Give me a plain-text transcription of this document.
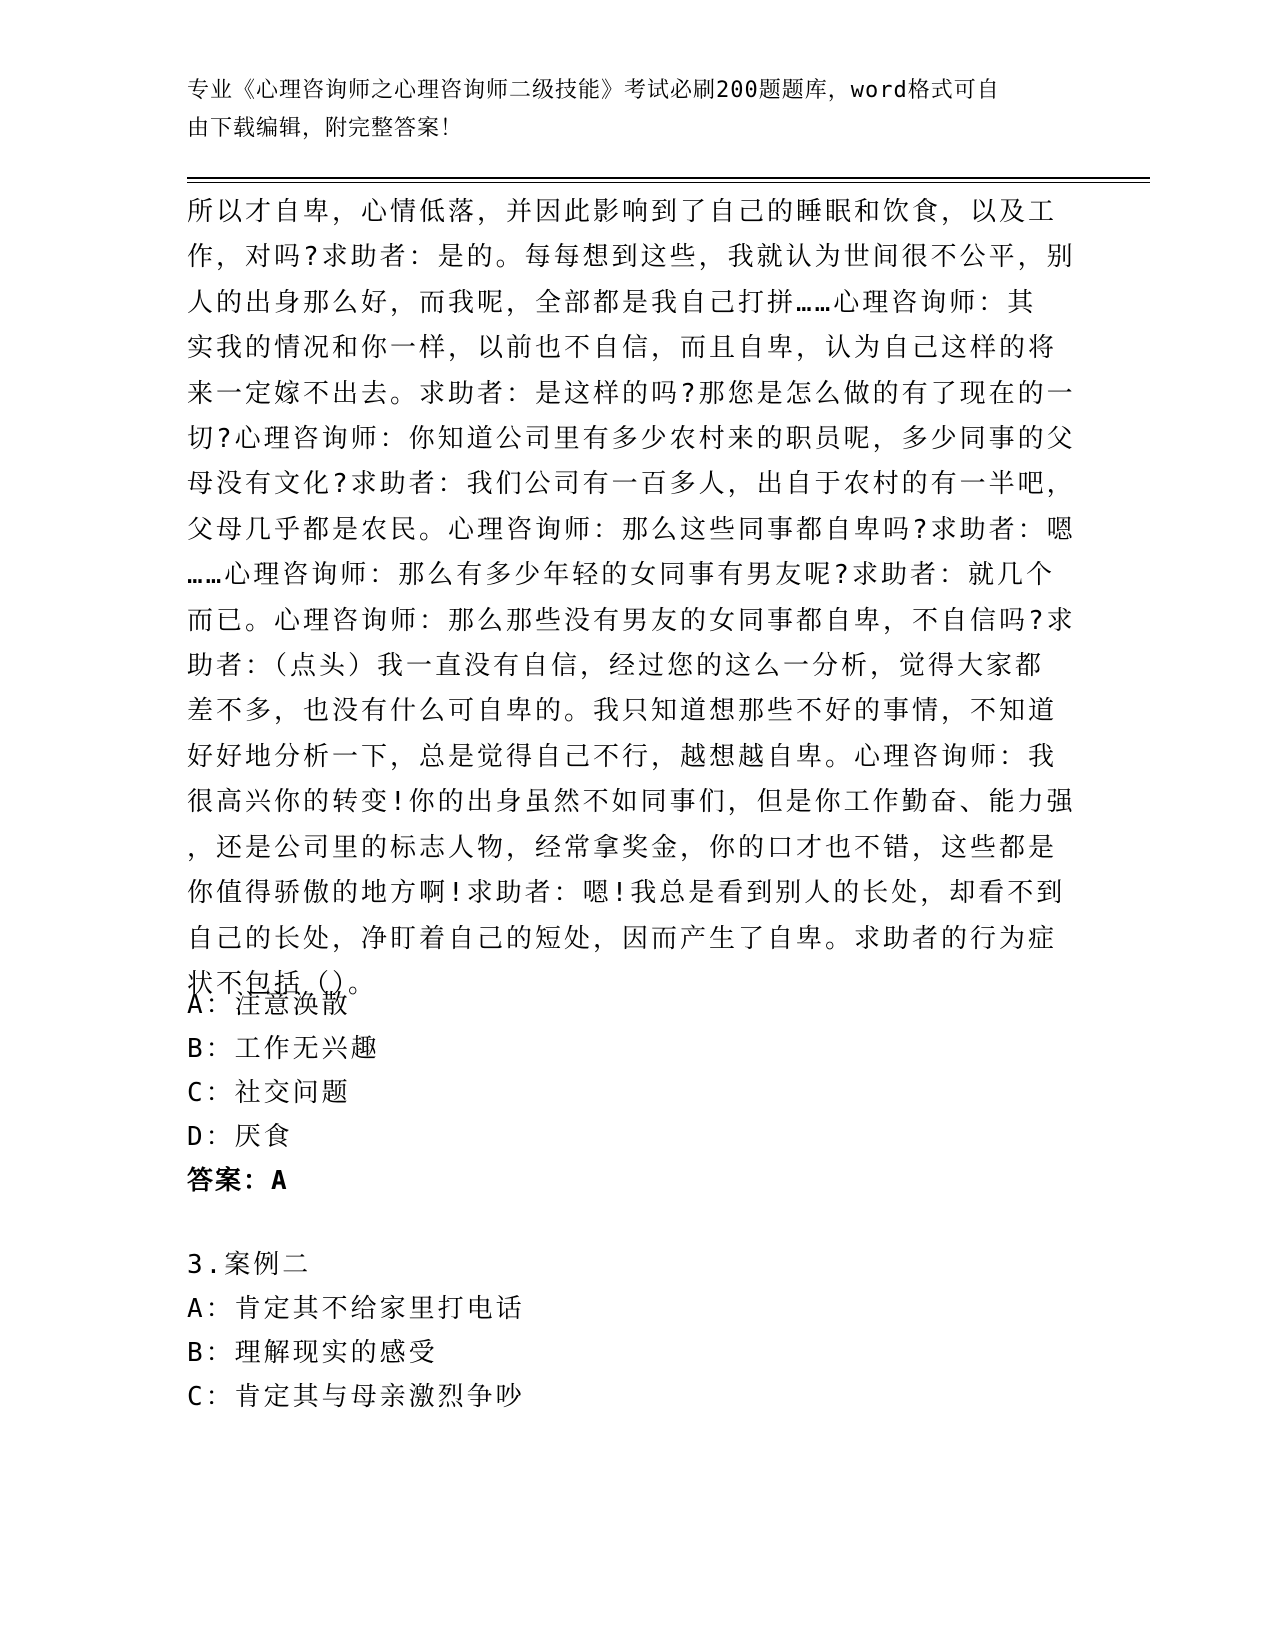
专业《心理咨询师之心理咨询师二级技能》考试必刷200题题库，word格式可自
由下载编辑，附完整答案！
所以才自卑，心情低落，并因此影响到了自己的睡眠和饮食，以及工
作，对吗?求助者：是的。每每想到这些，我就认为世间很不公平，别
人的出身那么好，而我呢，全部都是我自己打拼……心理咨询师：其
实我的情况和你一样，以前也不自信，而且自卑，认为自己这样的将
来一定嫁不出去。求助者：是这样的吗?那您是怎么做的有了现在的一
切?心理咨询师：你知道公司里有多少农村来的职员呢，多少同事的父
母没有文化?求助者：我们公司有一百多人，出自于农村的有一半吧，
父母几乎都是农民。心理咨询师：那么这些同事都自卑吗?求助者：嗯
……心理咨询师：那么有多少年轻的女同事有男友呢?求助者：就几个
而已。心理咨询师：那么那些没有男友的女同事都自卑，不自信吗?求
助者：（点头）我一直没有自信，经过您的这么一分析，觉得大家都
差不多，也没有什么可自卑的。我只知道想那些不好的事情，不知道
好好地分析一下，总是觉得自己不行，越想越自卑。心理咨询师：我
很高兴你的转变!你的出身虽然不如同事们，但是你工作勤奋、能力强
，还是公司里的标志人物，经常拿奖金，你的口才也不错，这些都是
你值得骄傲的地方啊!求助者：嗯!我总是看到别人的长处，却看不到
自己的长处，净盯着自己的短处，因而产生了自卑。求助者的行为症
状不包括（）。
A：注意涣散
B：工作无兴趣
C：社交问题
D：厌食
答案：A
3.案例二
A：肯定其不给家里打电话
B：理解现实的感受
C：肯定其与母亲激烈争吵
